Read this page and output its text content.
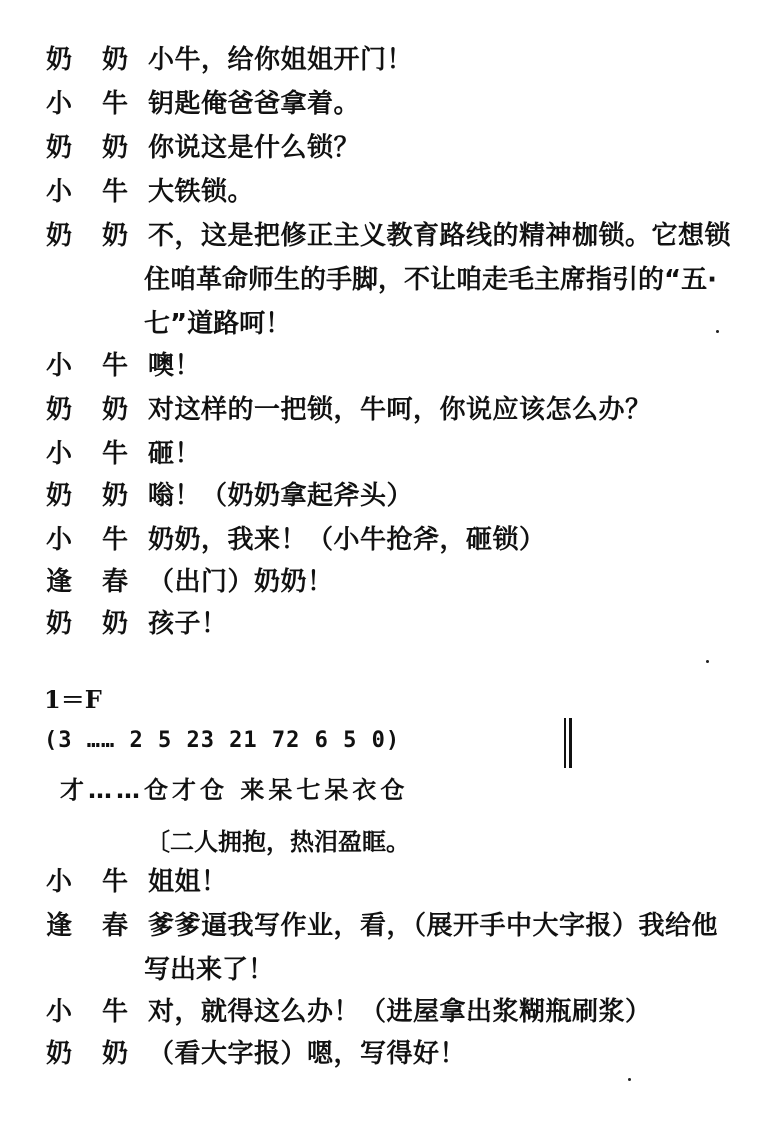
奶奶
小牛，给你姐姐开门！
小牛
钥匙俺爸爸拿着。
奶奶
你说这是什么锁？
小牛
大铁锁。
奶奶
不，这是把修正主义教育路线的精神枷锁。它想锁
住咱革命师生的手脚，不让咱走毛主席指引的“五·
七”道路呵！
小牛
噢！
奶奶
对这样的一把锁，牛呵，你说应该怎么办？
小牛
砸！
奶奶
嗡！（奶奶拿起斧头）
小牛
奶奶，我来！（小牛抢斧，砸锁）
逢春
（出门）奶奶！
奶奶
孩子！
1＝F
(3 …… 2 5 23 21 72 6 5 0)
才……仓才仓 来呆七呆衣仓
〔二人拥抱，热泪盈眶。
小牛
姐姐！
逢春
爹爹逼我写作业，看，（展开手中大字报）我给他
写出来了！
小牛
对，就得这么办！（进屋拿出浆糊瓶刷浆）
奶奶
（看大字报）嗯，写得好！
